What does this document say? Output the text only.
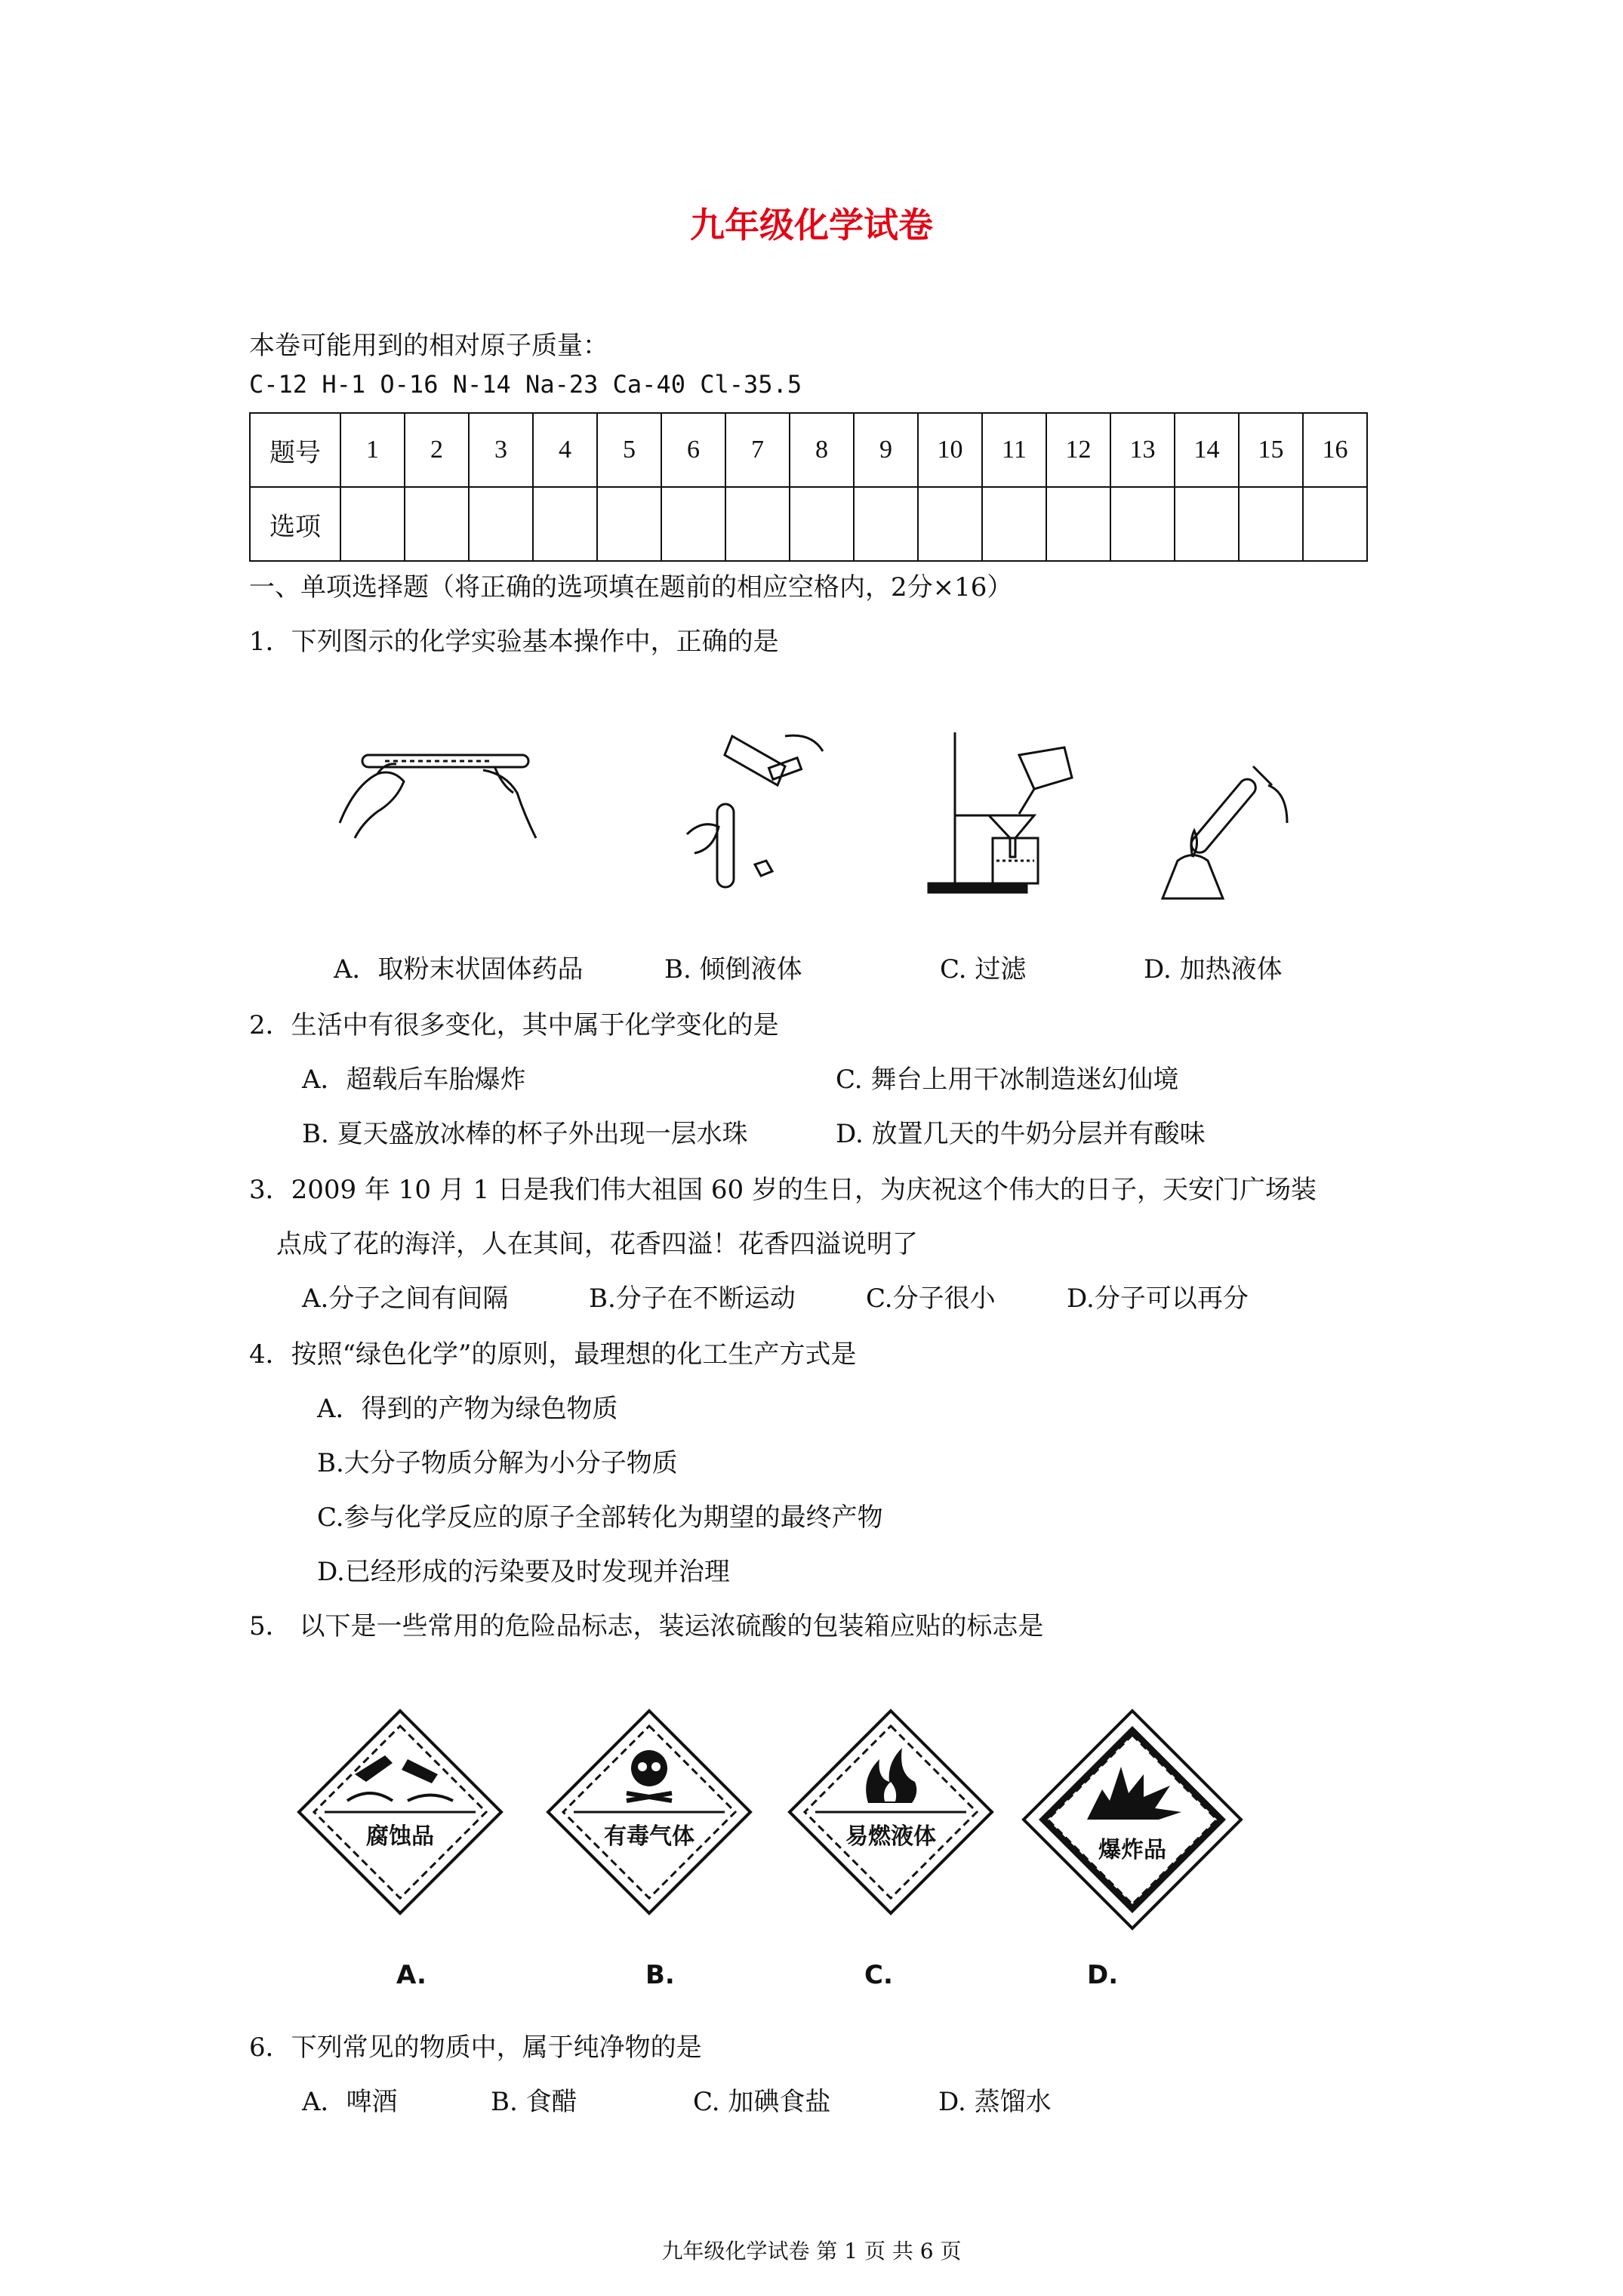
九年级化学试卷
本卷可能用到的相对原子质量：
C-12 H-1 O-16 N-14 Na-23 Ca-40 Cl-35.5
题号	1	2	3	4	5	6	7	8	9	10	11	12	13	14	15	16
选项																
一、单项选择题（将正确的选项填在题前的相应空格内，2分×16）
1．下列图示的化学实验基本操作中，正确的是
A．取粉末状固体药品	B. 倾倒液体	C. 过滤	D. 加热液体
2．生活中有很多变化，其中属于化学变化的是
A．超载后车胎爆炸	C. 舞台上用干冰制造迷幻仙境
B. 夏天盛放冰棒的杯子外出现一层水珠	D. 放置几天的牛奶分层并有酸味
3．2009 年 10 月 1 日是我们伟大祖国 60 岁的生日，为庆祝这个伟大的日子，天安门广场装
点成了花的海洋，人在其间，花香四溢！花香四溢说明了
A.分子之间有间隔	B.分子在不断运动	C.分子很小	D.分子可以再分
4．按照“绿色化学”的原则，最理想的化工生产方式是
A．得到的产物为绿色物质
B.大分子物质分解为小分子物质
C.参与化学反应的原子全部转化为期望的最终产物
D.已经形成的污染要及时发现并治理
5． 以下是一些常用的危险品标志，装运浓硫酸的包装箱应贴的标志是
腐蚀品	有毒气体	易燃液体
爆炸品
A.	B.	C.	D.
6．下列常见的物质中，属于纯净物的是
A．啤酒	B. 食醋	C. 加碘食盐	D. 蒸馏水
九年级化学试卷 第 1 页 共 6 页
